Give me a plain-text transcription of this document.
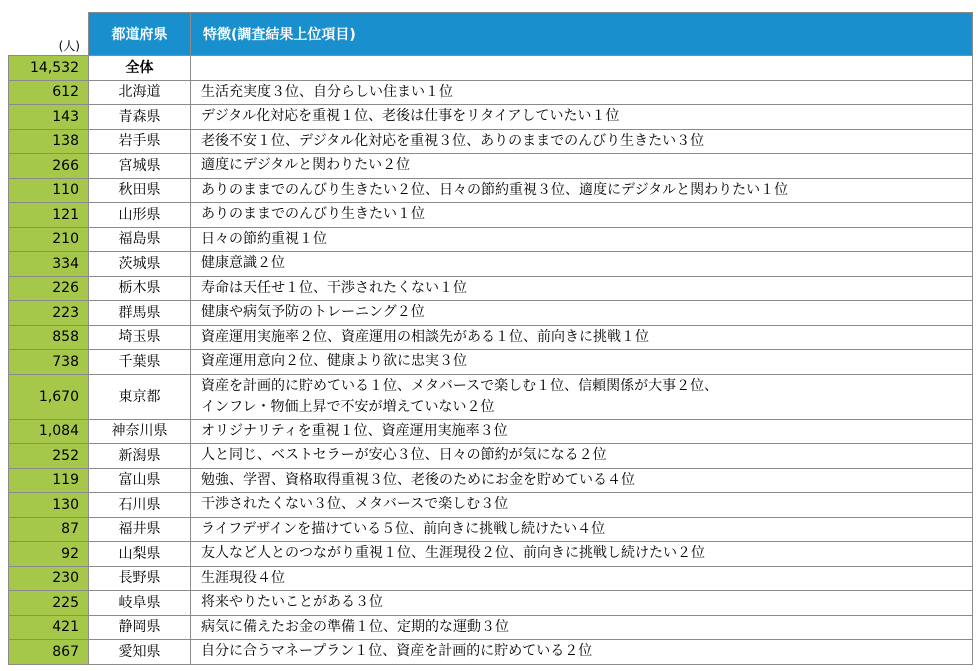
(人)	都道府県	特徴(調査結果上位項目)
14,532	全体	

612	北海道	生活充実度３位、自分らしい住まい１位

143	青森県	デジタル化対応を重視１位、老後は仕事をリタイアしていたい１位

138	岩手県	老後不安１位、デジタル化対応を重視３位、ありのままでのんびり生きたい３位

266	宮城県	適度にデジタルと関わりたい２位

110	秋田県	ありのままでのんびり生きたい２位、日々の節約重視３位、適度にデジタルと関わりたい１位

121	山形県	ありのままでのんびり生きたい１位

210	福島県	日々の節約重視１位

334	茨城県	健康意識２位

226	栃木県	寿命は天任せ１位、干渉されたくない１位

223	群馬県	健康や病気予防のトレーニング２位

858	埼玉県	資産運用実施率２位、資産運用の相談先がある１位、前向きに挑戦１位

738	千葉県	資産運用意向２位、健康より欲に忠実３位

1,670	東京都	資産を計画的に貯めている１位、メタバースで楽しむ１位、信頼関係が大事２位、
インフレ・物価上昇で不安が増えていない２位

1,084	神奈川県	オリジナリティを重視１位、資産運用実施率３位

252	新潟県	人と同じ、ベストセラーが安心３位、日々の節約が気になる２位

119	富山県	勉強、学習、資格取得重視３位、老後のためにお金を貯めている４位

130	石川県	干渉されたくない３位、メタバースで楽しむ３位

87	福井県	ライフデザインを描けている５位、前向きに挑戦し続けたい４位

92	山梨県	友人など人とのつながり重視１位、生涯現役２位、前向きに挑戦し続けたい２位

230	長野県	生涯現役４位

225	岐阜県	将来やりたいことがある３位

421	静岡県	病気に備えたお金の準備１位、定期的な運動３位

867	愛知県	自分に合うマネープラン１位、資産を計画的に貯めている２位
